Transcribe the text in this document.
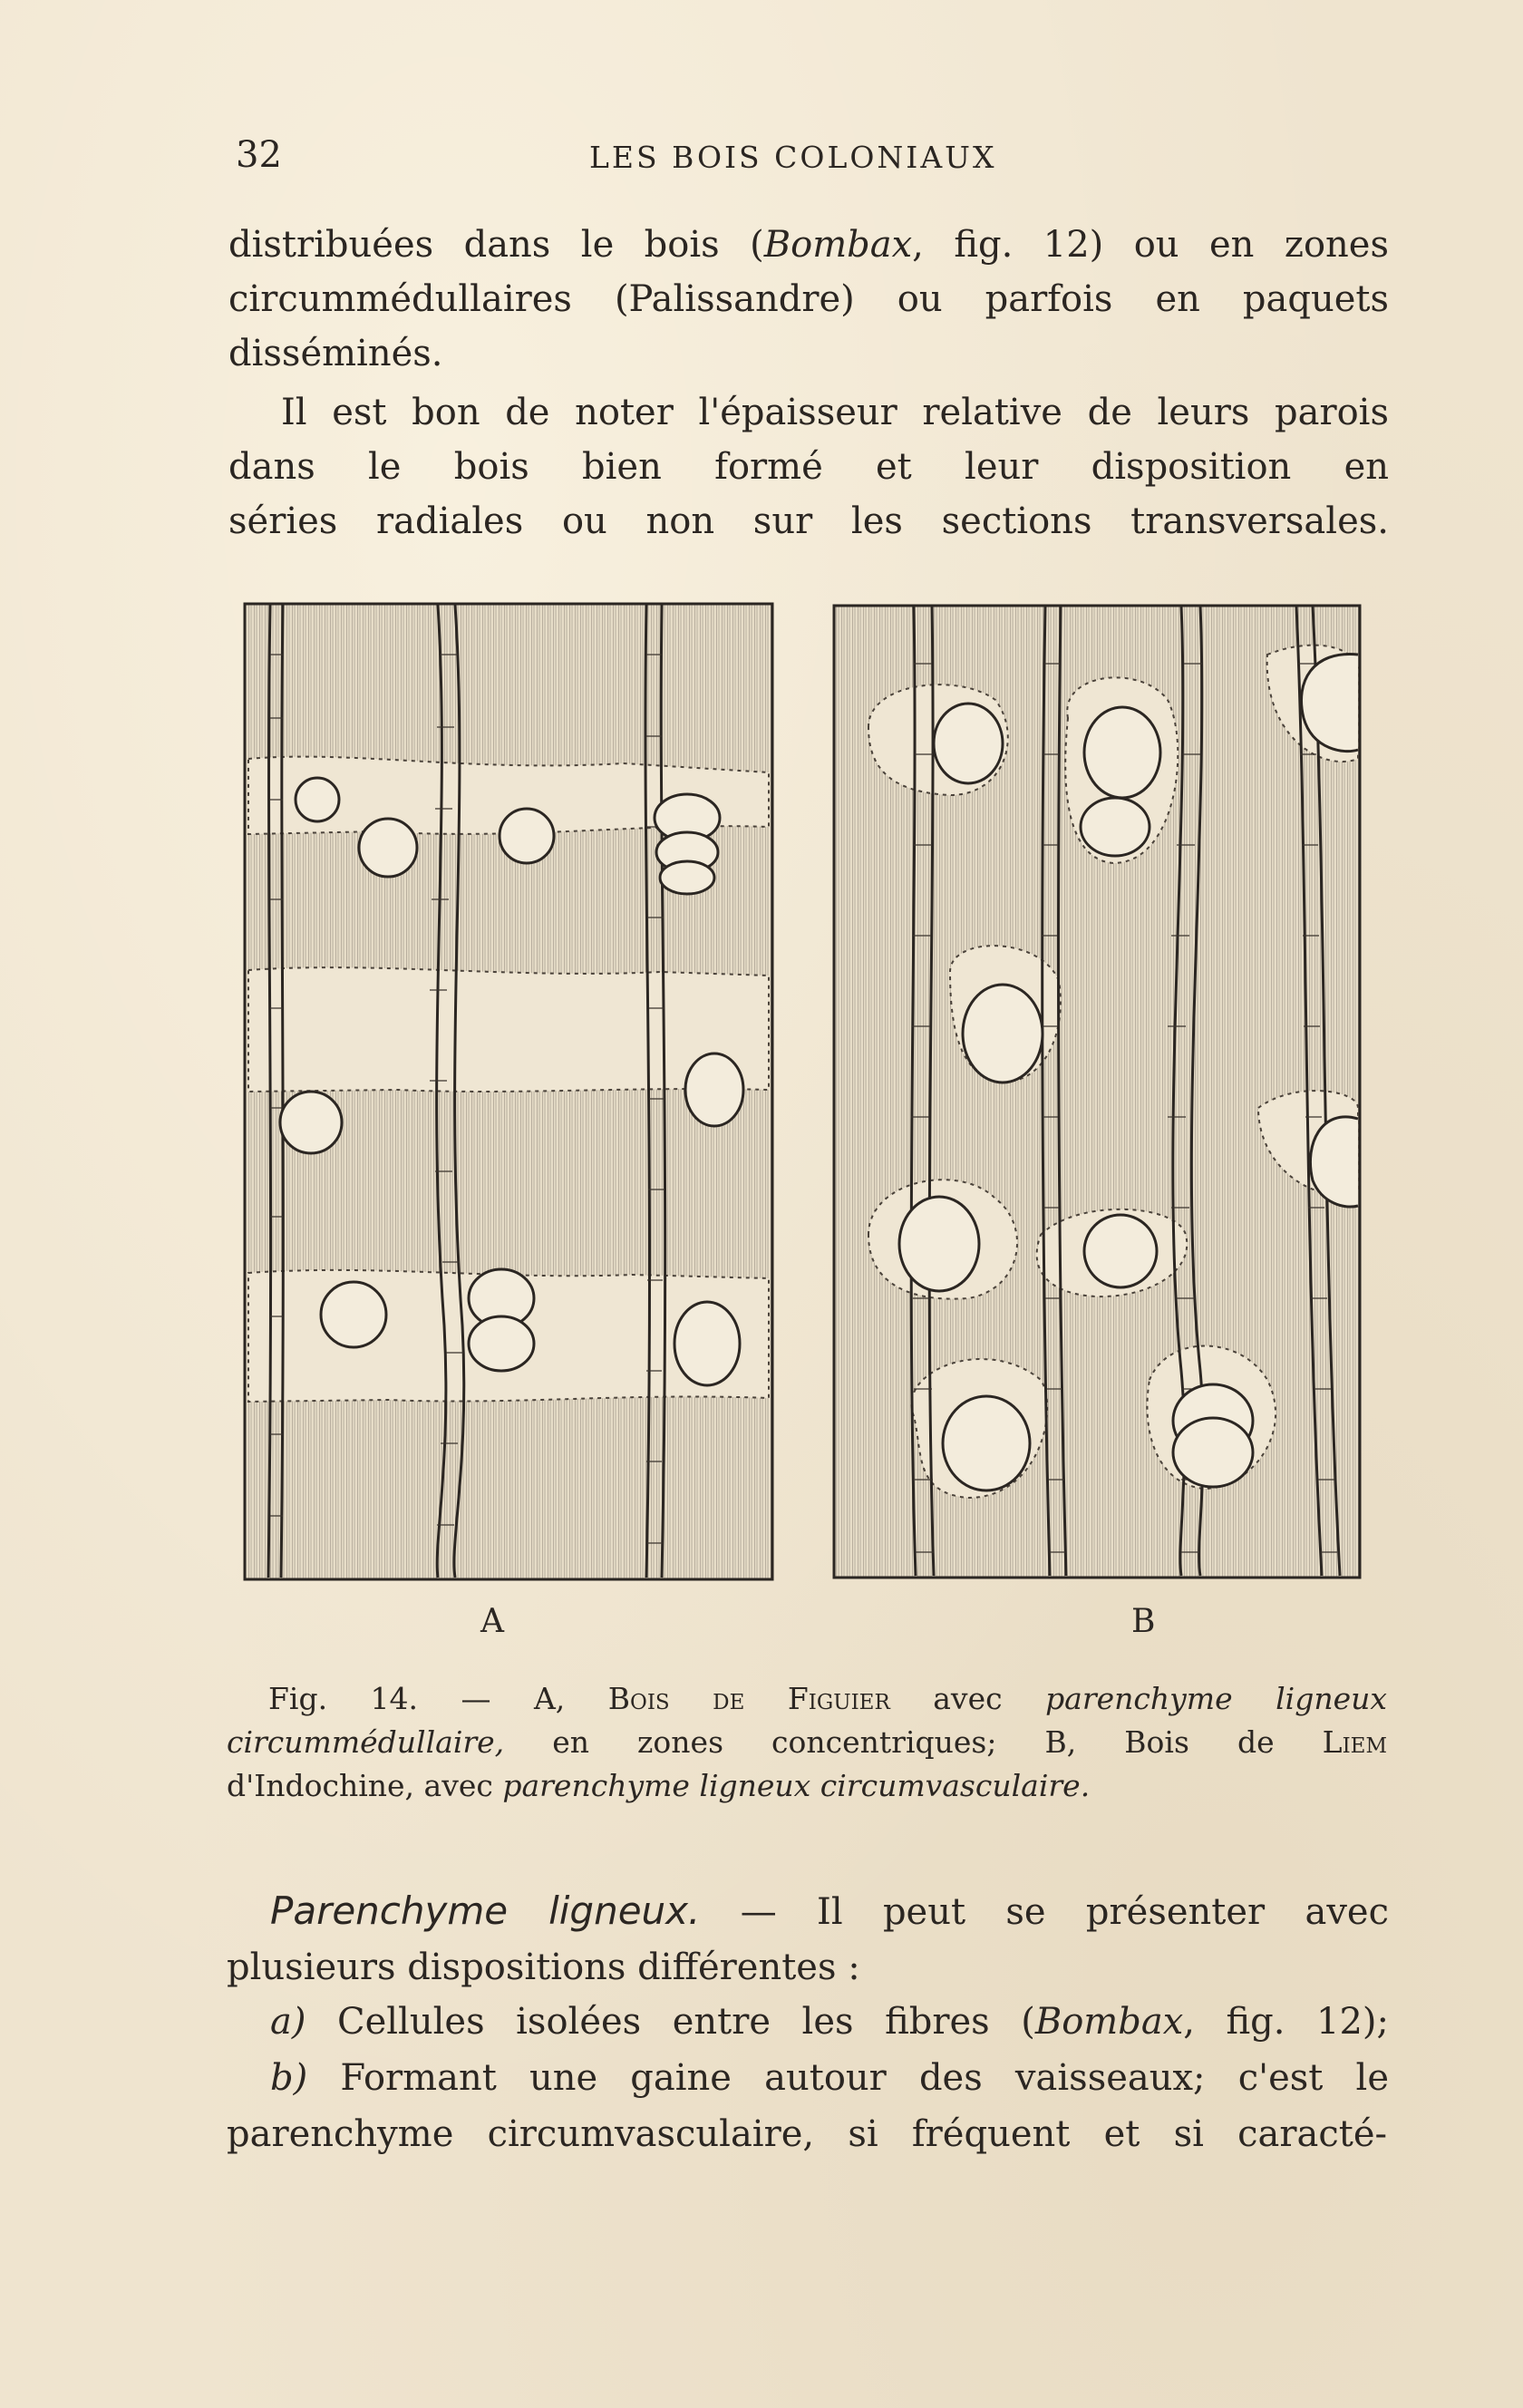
32	LES BOIS COLONIAUX
distribuées dans le bois (Bombax, fig. 12) ou en zones
circummédullaires (Palissandre) ou parfois en paquets
disséminés.
Il est bon de noter l'épaisseur relative de leurs parois
dans le bois bien formé et leur disposition en
séries radiales ou non sur les sections transversales.
A	B
Fig. 14. — A, Bois de Figuier avec parenchyme ligneux
circummédullaire, en zones concentriques; B, Bois de Liem
d'Indochine, avec parenchyme ligneux circumvasculaire.
Parenchyme ligneux. — Il peut se présenter avec
plusieurs dispositions différentes :
a) Cellules isolées entre les fibres (Bombax, fig. 12);
b) Formant une gaine autour des vaisseaux; c'est le
parenchyme circumvasculaire, si fréquent et si caracté-
